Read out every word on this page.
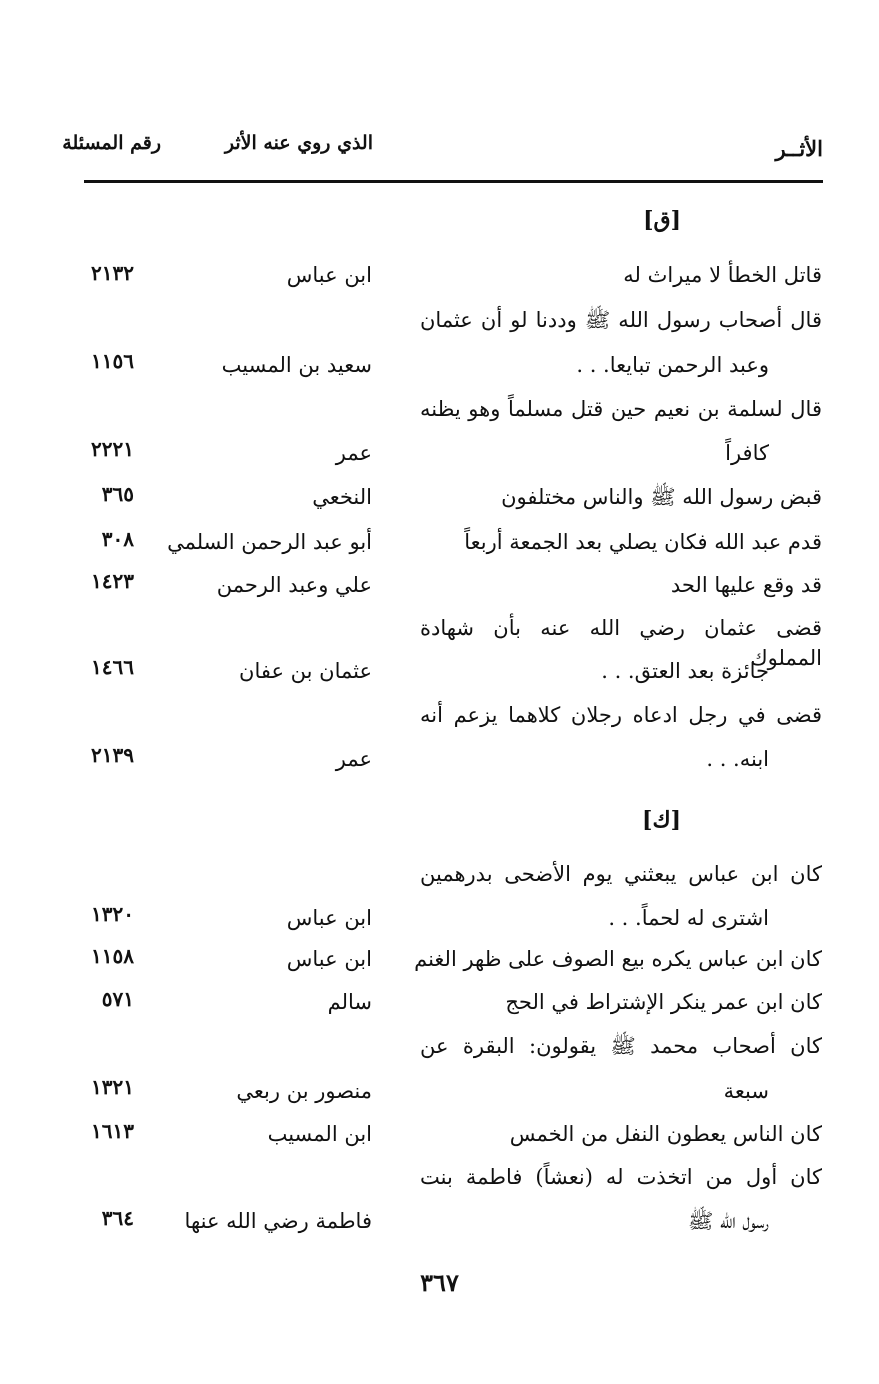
الأثــر
الذي روي عنه الأثر
رقم المسئلة
[ق]
قاتل الخطأ لا ميراث له
ابن عباس
٢١٣٢
قال أصحاب رسول الله ﷺ وددنا لو أن عثمان
وعبد الرحمن تبايعا. . .
سعيد بن المسيب
١١٥٦
قال لسلمة بن نعيم حين قتل مسلماً وهو يظنه
كافراً
عمر
٢٢٢١
قبض رسول الله ﷺ والناس مختلفون
النخعي
٣٦٥
قدم عبد الله فكان يصلي بعد الجمعة أربعاً
أبو عبد الرحمن السلمي
٣٠٨
قد وقع عليها الحد
علي وعبد الرحمن
١٤٢٣
قضى عثمان رضي الله عنه بأن شهادة المملوك
جائزة بعد العتق. . .
عثمان بن عفان
١٤٦٦
قضى في رجل ادعاه رجلان كلاهما يزعم أنه
ابنه. . .
عمر
٢١٣٩
[ك]
كان ابن عباس يبعثني يوم الأضحى بدرهمين
اشترى له لحماً. . .
ابن عباس
١٣٢٠
كان ابن عباس يكره بيع الصوف على ظهر الغنم
ابن عباس
١١٥٨
كان ابن عمر ينكر الإشتراط في الحج
سالم
٥٧١
كان أصحاب محمد ﷺ يقولون: البقرة عن
سبعة
منصور بن ربعي
١٣٢١
كان الناس يعطون النفل من الخمس
ابن المسيب
١٦١٣
كان أول من اتخذت له (نعشاً) فاطمة بنت
رسول الله ﷺ
فاطمة رضي الله عنها
٣٦٤
٣٦٧
